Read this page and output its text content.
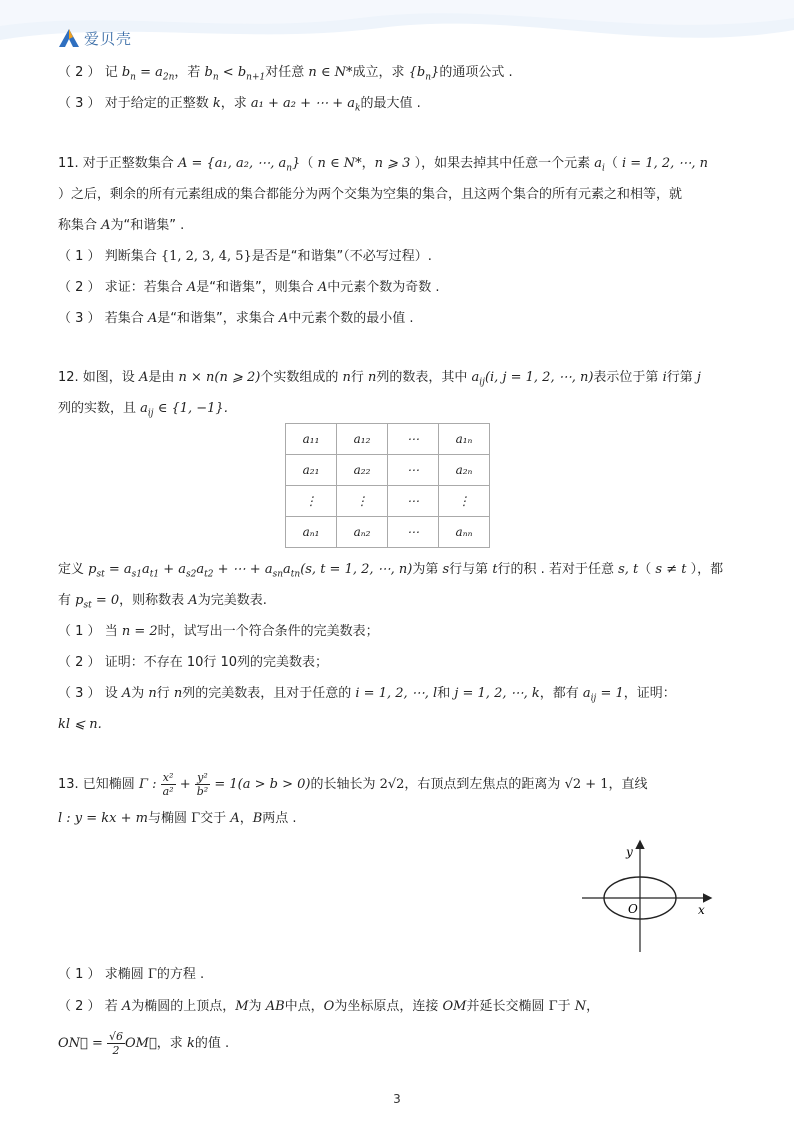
爱贝壳
（ 2 ） 记 $b_n = a_{2n}$，若 $b_n < b_{n+1}$对任意 n ∈ N*成立，求 $\{b_n\}$的通项公式 .
（ 3 ） 对于给定的正整数 k，求 a₁ + a₂ + ⋯ + $a_k$的最大值 .
11. 对于正整数集合 A = {a₁, a₂, ⋯, $a_n$}（ n ∈ N*，n ⩾ 3 ），如果去掉其中任意一个元素 $a_i$（ i = 1, 2, ⋯, n
）之后，剩余的所有元素组成的集合都能分为两个交集为空集的集合，且这两个集合的所有元素之和相等，就
称集合 A为“和谐集” .
（ 1 ） 判断集合 {1, 2, 3, 4, 5}是否是“和谐集”（不必写过程）.
（ 2 ） 求证：若集合 A是“和谐集”，则集合 A中元素个数为奇数 .
（ 3 ） 若集合 A是“和谐集”，求集合 A中元素个数的最小值 .
12. 如图，设 A是由 n × n(n ⩾ 2)个实数组成的 n行 n列的数表，其中 $a_{ij}(i$, j = 1, 2, ⋯, n)表示位于第 i行第 j
列的实数，且 $a_{ij}$ ∈ {1, −1}.
a₁₁	a₁₂	⋯	a₁ₙ
a₂₁	a₂₂	⋯	a₂ₙ
⋮	⋮	⋯	⋮
aₙ₁	aₙ₂	⋯	aₙₙ
定义 $p_{st} = a_{s1}a_{t1} + a_{s2}a_{t2}$ + ⋯ + $a_{sn}a_{tn}(s$, t = 1, 2, ⋯, n)为第 s行与第 t行的积 . 若对于任意 s, t（ s ≠ t ），都
有 $p_{st} = 0$，则称数表 A为完美数表.
（ 1 ） 当 n = 2时，试写出一个符合条件的完美数表；
（ 2 ） 证明：不存在 10行 10列的完美数表；
（ 3 ） 设 A为 n行 n列的完美数表，且对于任意的 i = 1, 2, ⋯, l和 j = 1, 2, ⋯, k，都有 $a_{ij} = 1$，证明：
kl ⩽ n.
13. 已知椭圆 Γ : $\frac{\text{x²}}{\text{a²}} + \frac{\text{y²}}{\text{b²}} = 1(a > b > 0)$的长轴长为 2√2，右顶点到左焦点的距离为 √2 + 1，直线
l : y = kx + m与椭圆 Γ交于 A，B两点 .
y
x
O
（ 1 ） 求椭圆 Γ的方程 .
（ 2 ） 若 A为椭圆的上顶点，M为 AB中点，O为坐标原点，连接 OM并延长交椭圆 Γ于 N，
ON⃗ = $\frac{√6}{2}$ OM⃗，求 k的值 .
3
